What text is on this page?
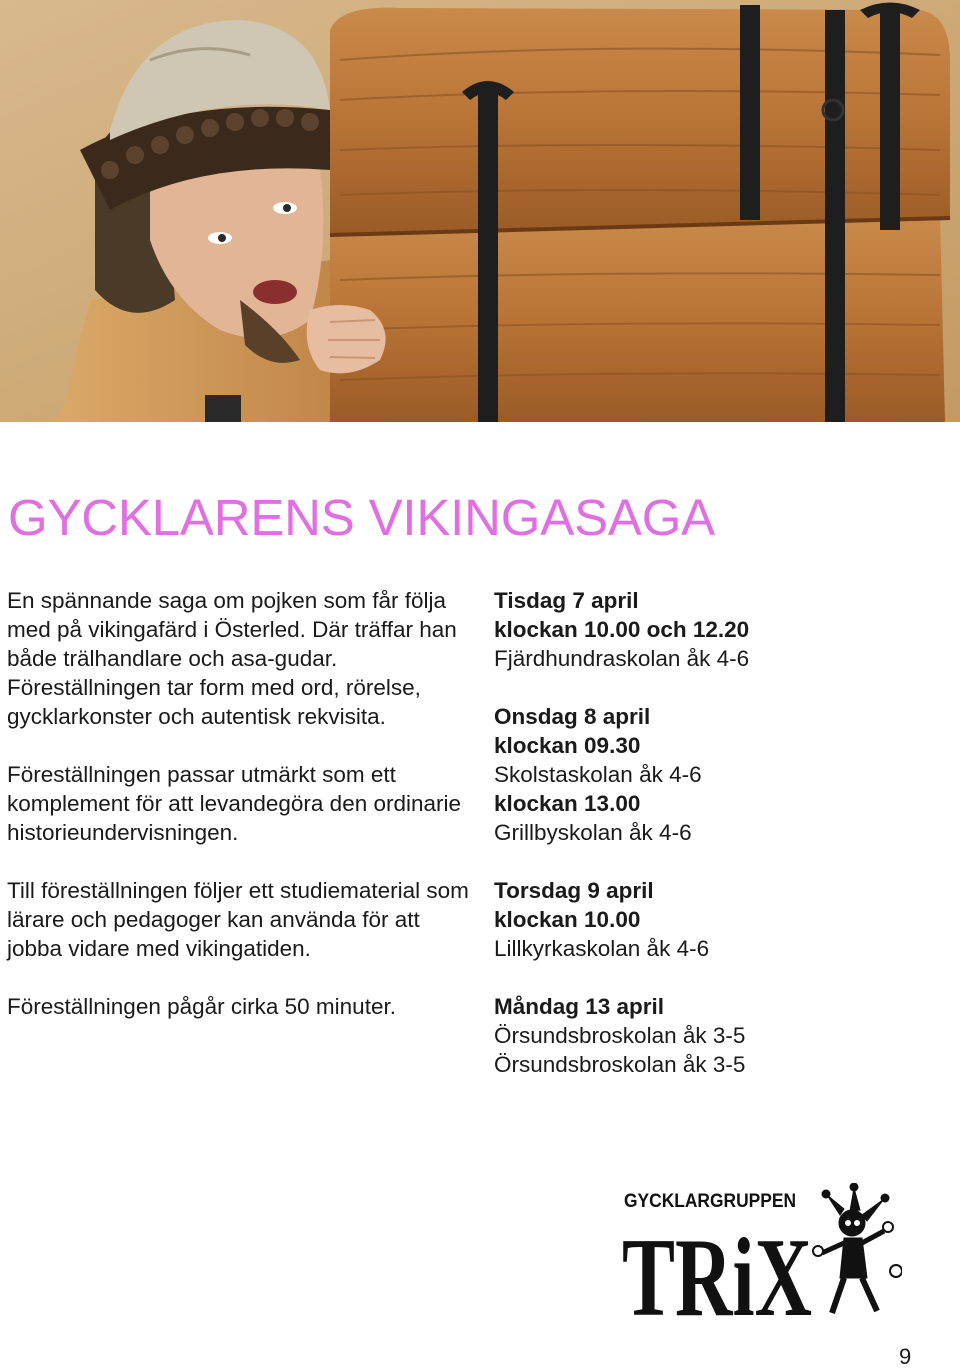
GYCKLARENS VIKINGASAGA

En spännande saga om pojken som får följa med på vikingafärd i Österled. Där träffar han både trälhandlare och asa-gudar. Föreställningen tar form med ord, rörelse, gycklarkonster och autentisk rekvisita.

Föreställningen passar utmärkt som ett komplement för att levandegöra den ordinarie historieundervisningen.

Till föreställningen följer ett studiematerial som lärare och pedagoger kan använda för att jobba vidare med vikingatiden.

Föreställningen pågår cirka 50 minuter.

Tisdag 7 april
klockan 10.00 och 12.20
Fjärdhundraskolan åk 4-6
Onsdag 8 april
klockan 09.30
Skolstaskolan åk 4-6
klockan 13.00
Grillbyskolan åk 4-6
Torsdag 9 april
klockan 10.00
Lillkyrkaskolan åk 4-6
Måndag 13 april
Örsundsbroskolan åk 3-5
Örsundsbroskolan åk 3-5
GYCKLARGRUPPEN
TRiX
9
